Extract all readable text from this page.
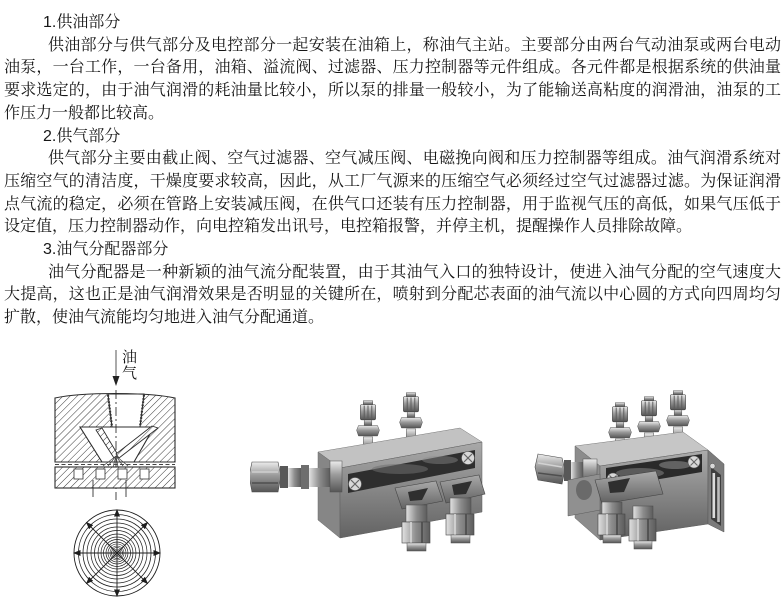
1.供油部分

供油部分与供气部分及电控部分一起安装在油箱上，称油气主站。主要部分由两台气动油泵或两台电动油泵，一台工作，一台备用，油箱、溢流阀、过滤器、压力控制器等元件组成。各元件都是根据系统的供油量要求选定的，由于油气润滑的耗油量比较小，所以泵的排量一般较小，为了能输送高粘度的润滑油，油泵的工作压力一般都比较高。

2.供气部分

供气部分主要由截止阀、空气过滤器、空气减压阀、电磁挽向阀和压力控制器等组成。油气润滑系统对压缩空气的清洁度，干燥度要求较高，因此，从工厂气源来的压缩空气必须经过空气过滤器过滤。为保证润滑点气流的稳定，必须在管路上安装减压阀，在供气口还装有压力控制器，用于监视气压的高低，如果气压低于设定值，压力控制器动作，向电控箱发出讯号，电控箱报警，并停主机，提醒操作人员排除故障。

3.油气分配器部分

油气分配器是一种新颖的油气流分配装置，由于其油气入口的独特设计，使进入油气分配的空气速度大大提高，这也正是油气润滑效果是否明显的关键所在，喷射到分配芯表面的油气流以中心圆的方式向四周均匀扩散，使油气流能均匀地进入油气分配通道。

油气
